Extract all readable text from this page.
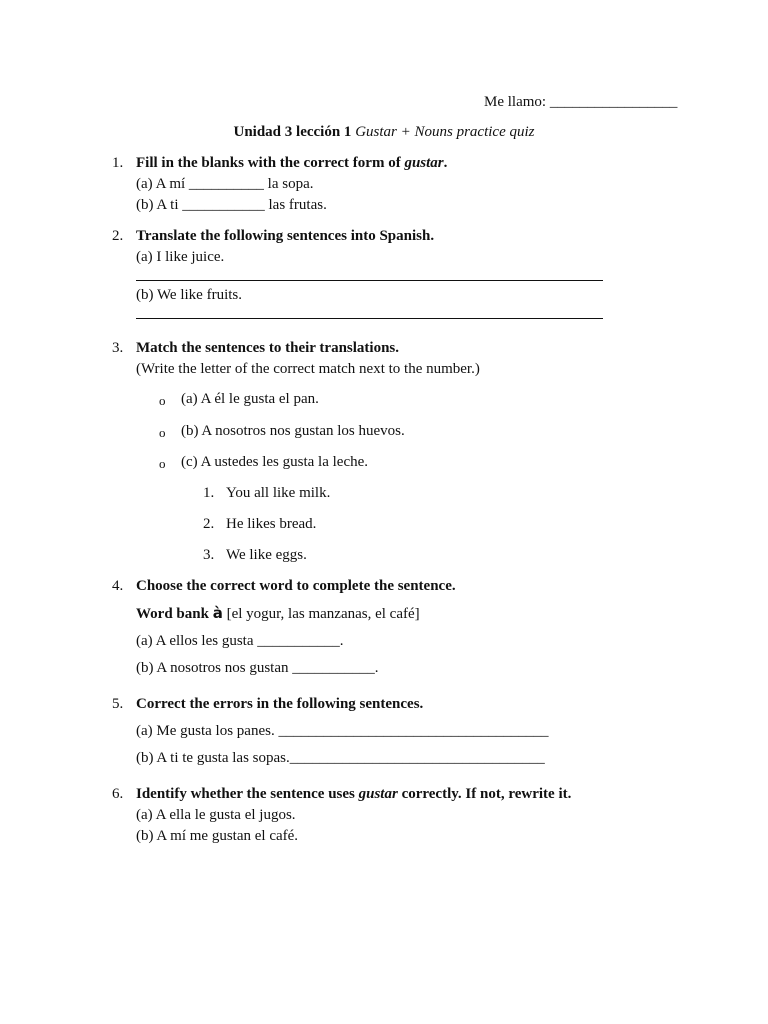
Me llamo: _________________
Unidad 3 lección 1 Gustar + Nouns practice quiz
1. Fill in the blanks with the correct form of gustar.
(a) A mí __________ la sopa.
(b) A ti ___________ las frutas.
2. Translate the following sentences into Spanish.
(a) I like juice.
(b) We like fruits.
3. Match the sentences to their translations.
(Write the letter of the correct match next to the number.)
o (a) A él le gusta el pan.
o (b) A nosotros nos gustan los huevos.
o (c) A ustedes les gusta la leche.
1. You all like milk.
2. He likes bread.
3. We like eggs.
4. Choose the correct word to complete the sentence.
Word bank à [el yogur, las manzanas, el café]
(a) A ellos les gusta ___________.
(b) A nosotros nos gustan ___________.
5. Correct the errors in the following sentences.
(a) Me gusta los panes. ____________________________________
(b) A ti te gusta las sopas.__________________________________
6. Identify whether the sentence uses gustar correctly. If not, rewrite it.
(a) A ella le gusta el jugos.
(b) A mí me gustan el café.
